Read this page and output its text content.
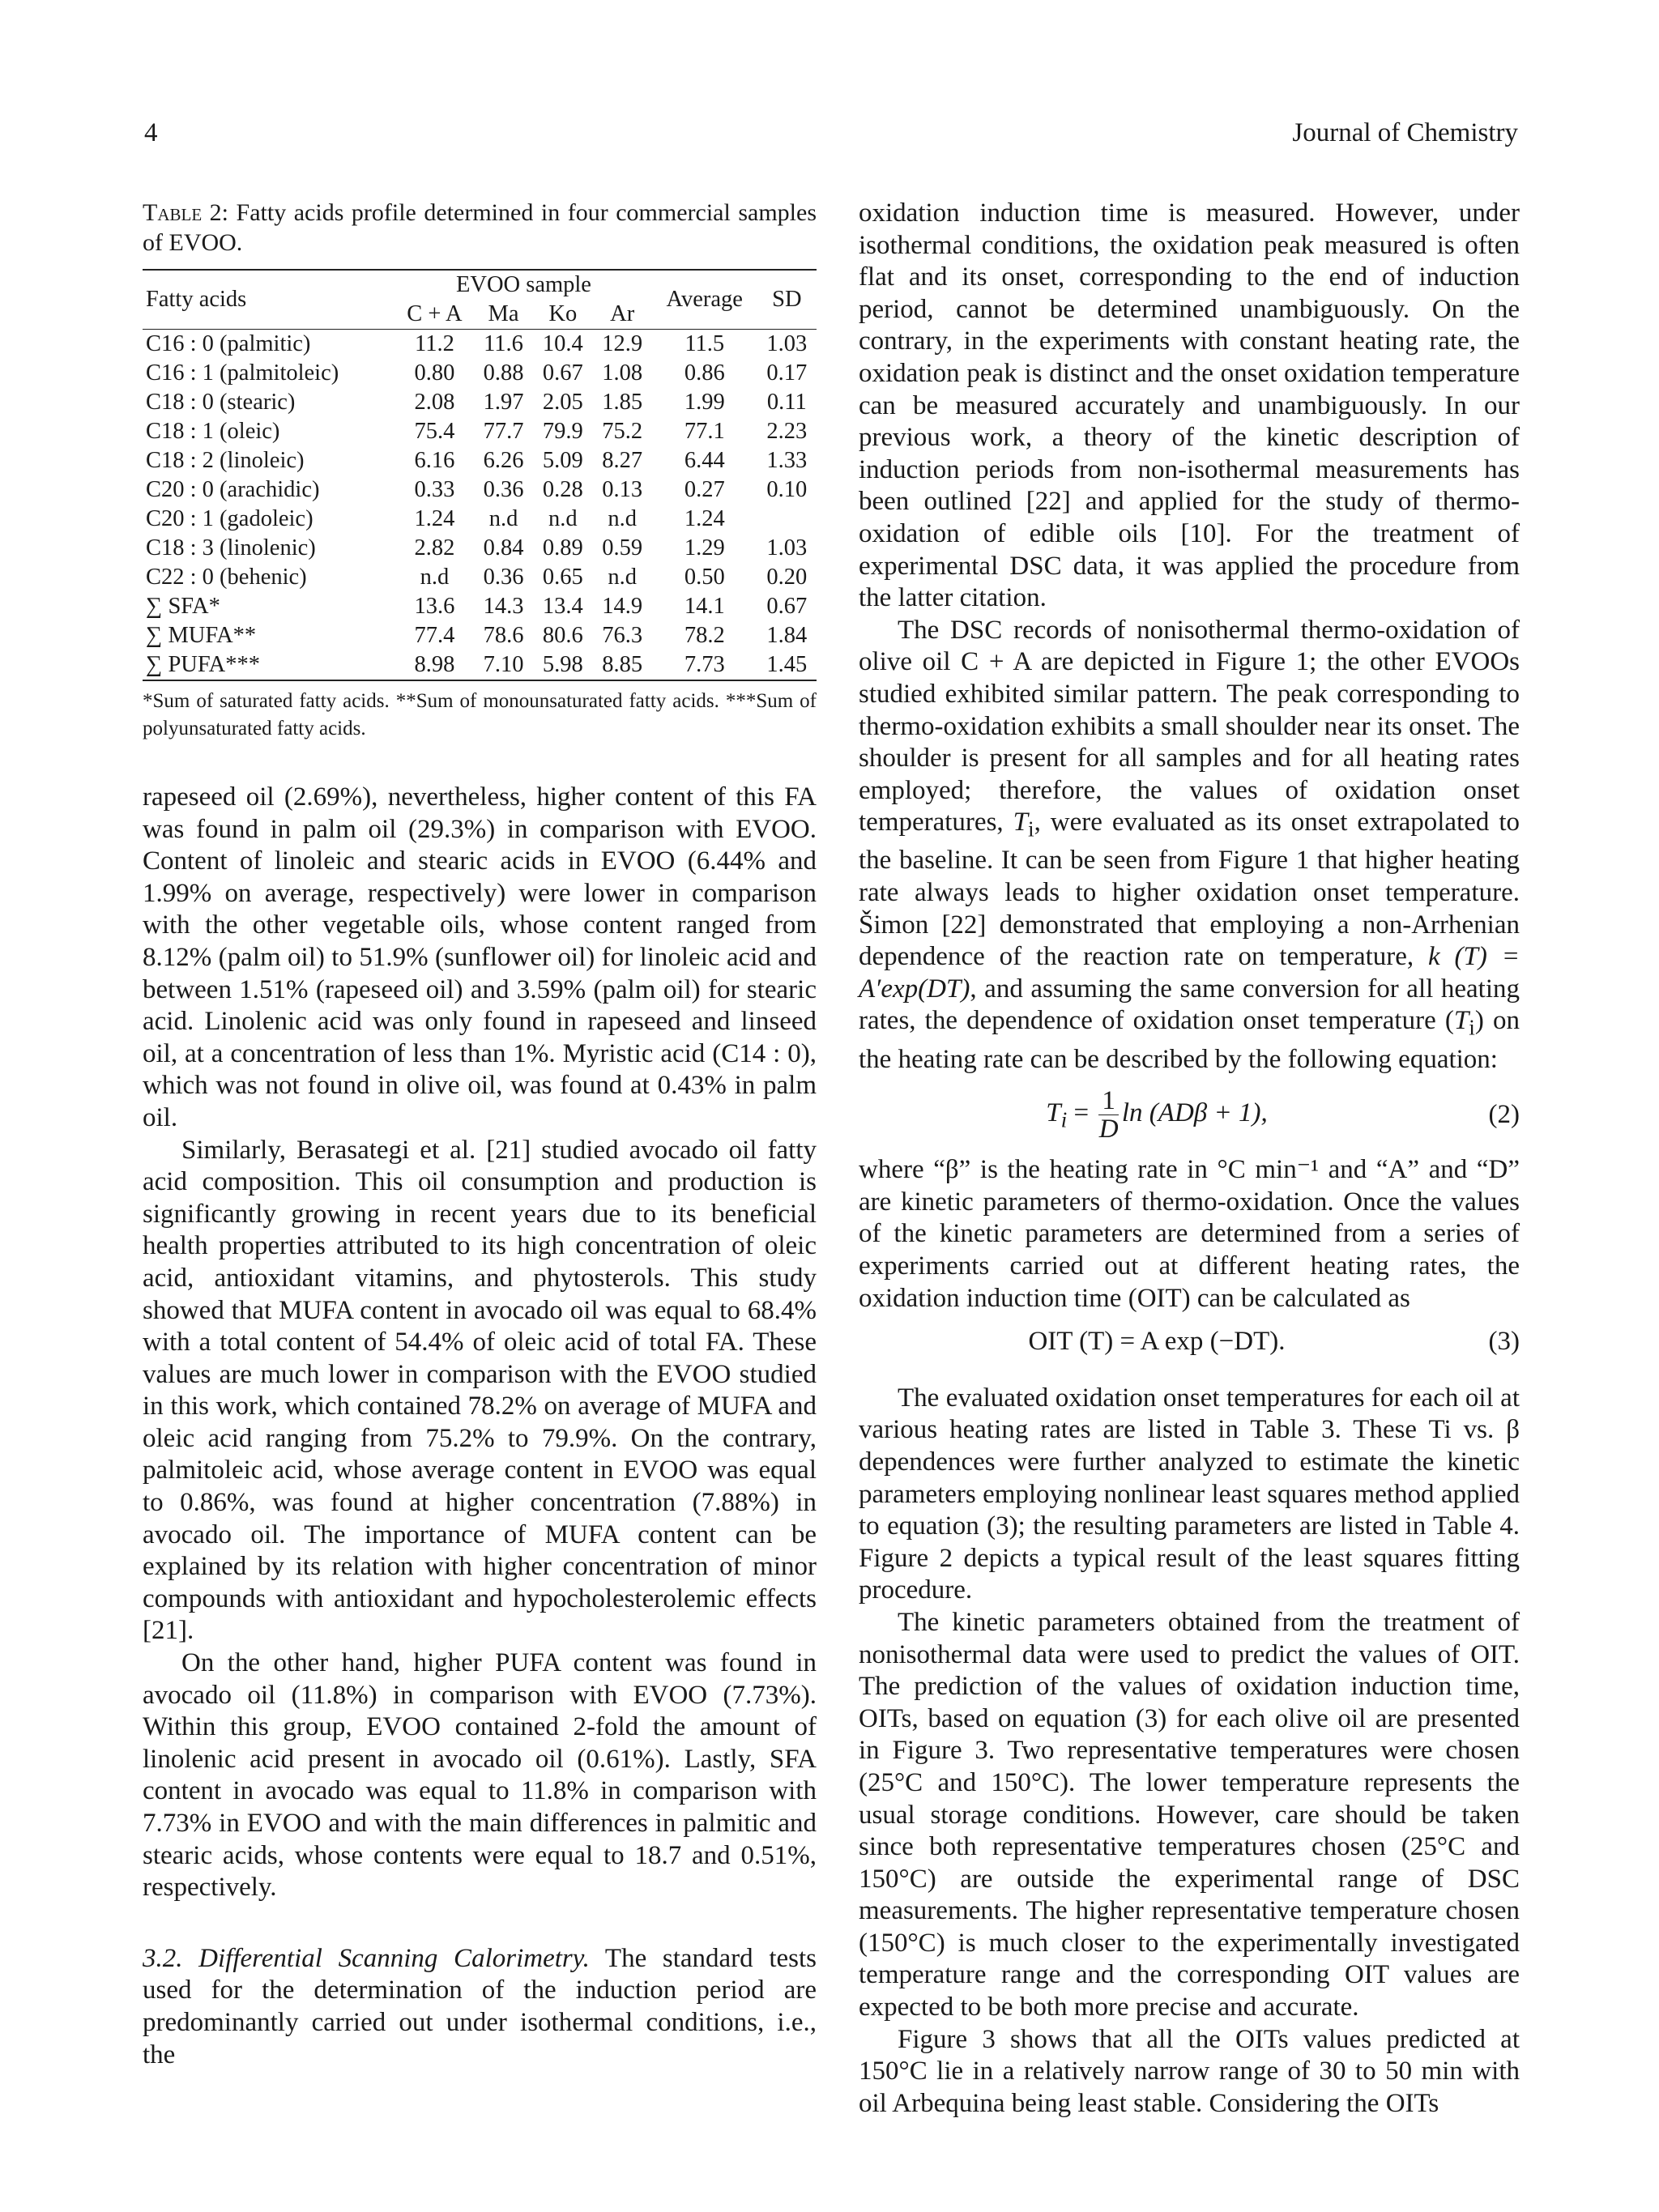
4	Journal of Chemistry
Table 2: Fatty acids profile determined in four commercial samples of EVOO.
Fatty acids	EVOO sample				Average	SD
	C + A	Ma	Ko	Ar		
C16 : 0 (palmitic)	11.2	11.6	10.4	12.9	11.5	1.03
C16 : 1 (palmitoleic)	0.80	0.88	0.67	1.08	0.86	0.17
C18 : 0 (stearic)	2.08	1.97	2.05	1.85	1.99	0.11
C18 : 1 (oleic)	75.4	77.7	79.9	75.2	77.1	2.23
C18 : 2 (linoleic)	6.16	6.26	5.09	8.27	6.44	1.33
C20 : 0 (arachidic)	0.33	0.36	0.28	0.13	0.27	0.10
C20 : 1 (gadoleic)	1.24	n.d	n.d	n.d	1.24	
C18 : 3 (linolenic)	2.82	0.84	0.89	0.59	1.29	1.03
C22 : 0 (behenic)	n.d	0.36	0.65	n.d	0.50	0.20
∑ SFA*	13.6	14.3	13.4	14.9	14.1	0.67
∑ MUFA**	77.4	78.6	80.6	76.3	78.2	1.84
∑ PUFA***	8.98	7.10	5.98	8.85	7.73	1.45
*Sum of saturated fatty acids. **Sum of monounsaturated fatty acids. ***Sum of polyunsaturated fatty acids.

rapeseed oil (2.69%), nevertheless, higher content of this FA was found in palm oil (29.3%) in comparison with EVOO. Content of linoleic and stearic acids in EVOO (6.44% and 1.99% on average, respectively) were lower in comparison with the other vegetable oils, whose content ranged from 8.12% (palm oil) to 51.9% (sunflower oil) for linoleic acid and between 1.51% (rapeseed oil) and 3.59% (palm oil) for stearic acid. Linolenic acid was only found in rapeseed and linseed oil, at a concentration of less than 1%. Myristic acid (C14 : 0), which was not found in olive oil, was found at 0.43% in palm oil.

Similarly, Berasategi et al. [21] studied avocado oil fatty acid composition. This oil consumption and production is significantly growing in recent years due to its beneficial health properties attributed to its high concentration of oleic acid, antioxidant vitamins, and phytosterols. This study showed that MUFA content in avocado oil was equal to 68.4% with a total content of 54.4% of oleic acid of total FA. These values are much lower in comparison with the EVOO studied in this work, which contained 78.2% on average of MUFA and oleic acid ranging from 75.2% to 79.9%. On the contrary, palmitoleic acid, whose average content in EVOO was equal to 0.86%, was found at higher concentration (7.88%) in avocado oil. The importance of MUFA content can be explained by its relation with higher concentration of minor compounds with antioxidant and hypocholesterolemic effects [21].

On the other hand, higher PUFA content was found in avocado oil (11.8%) in comparison with EVOO (7.73%). Within this group, EVOO contained 2-fold the amount of linolenic acid present in avocado oil (0.61%). Lastly, SFA content in avocado was equal to 11.8% in comparison with 7.73% in EVOO and with the main differences in palmitic and stearic acids, whose contents were equal to 18.7 and 0.51%, respectively.

3.2. Differential Scanning Calorimetry. The standard tests used for the determination of the induction period are predominantly carried out under isothermal conditions, i.e., the

oxidation induction time is measured. However, under isothermal conditions, the oxidation peak measured is often flat and its onset, corresponding to the end of induction period, cannot be determined unambiguously. On the contrary, in the experiments with constant heating rate, the oxidation peak is distinct and the onset oxidation temperature can be measured accurately and unambiguously. In our previous work, a theory of the kinetic description of induction periods from non-isothermal measurements has been outlined [22] and applied for the study of thermo-oxidation of edible oils [10]. For the treatment of experimental DSC data, it was applied the procedure from the latter citation.

The DSC records of nonisothermal thermo-oxidation of olive oil C + A are depicted in Figure 1; the other EVOOs studied exhibited similar pattern. The peak corresponding to thermo-oxidation exhibits a small shoulder near its onset. The shoulder is present for all samples and for all heating rates employed; therefore, the values of oxidation onset temperatures, $T_i$, were evaluated as its onset extrapolated to the baseline. It can be seen from Figure 1 that higher heating rate always leads to higher oxidation onset temperature. Šimon [22] demonstrated that employing a non-Arrhenian dependence of the reaction rate on temperature, k (T) = A′exp(DT), and assuming the same conversion for all heating rates, the dependence of oxidation onset temperature $(T_i)$ on the heating rate can be described by the following equation:

$T_i = \frac{1}{D}$ ln (ADβ + 1),	(2)

where “β” is the heating rate in °C min⁻¹ and “A” and “D” are kinetic parameters of thermo-oxidation. Once the values of the kinetic parameters are determined from a series of experiments carried out at different heating rates, the oxidation induction time (OIT) can be calculated as

OIT (T) = A exp (−DT).	(3)

The evaluated oxidation onset temperatures for each oil at various heating rates are listed in Table 3. These Ti vs. β dependences were further analyzed to estimate the kinetic parameters employing nonlinear least squares method applied to equation (3); the resulting parameters are listed in Table 4. Figure 2 depicts a typical result of the least squares fitting procedure.

The kinetic parameters obtained from the treatment of nonisothermal data were used to predict the values of OIT. The prediction of the values of oxidation induction time, OITs, based on equation (3) for each olive oil are presented in Figure 3. Two representative temperatures were chosen (25°C and 150°C). The lower temperature represents the usual storage conditions. However, care should be taken since both representative temperatures chosen (25°C and 150°C) are outside the experimental range of DSC measurements. The higher representative temperature chosen (150°C) is much closer to the experimentally investigated temperature range and the corresponding OIT values are expected to be both more precise and accurate.

Figure 3 shows that all the OITs values predicted at 150°C lie in a relatively narrow range of 30 to 50 min with oil Arbequina being least stable. Considering the OITs
